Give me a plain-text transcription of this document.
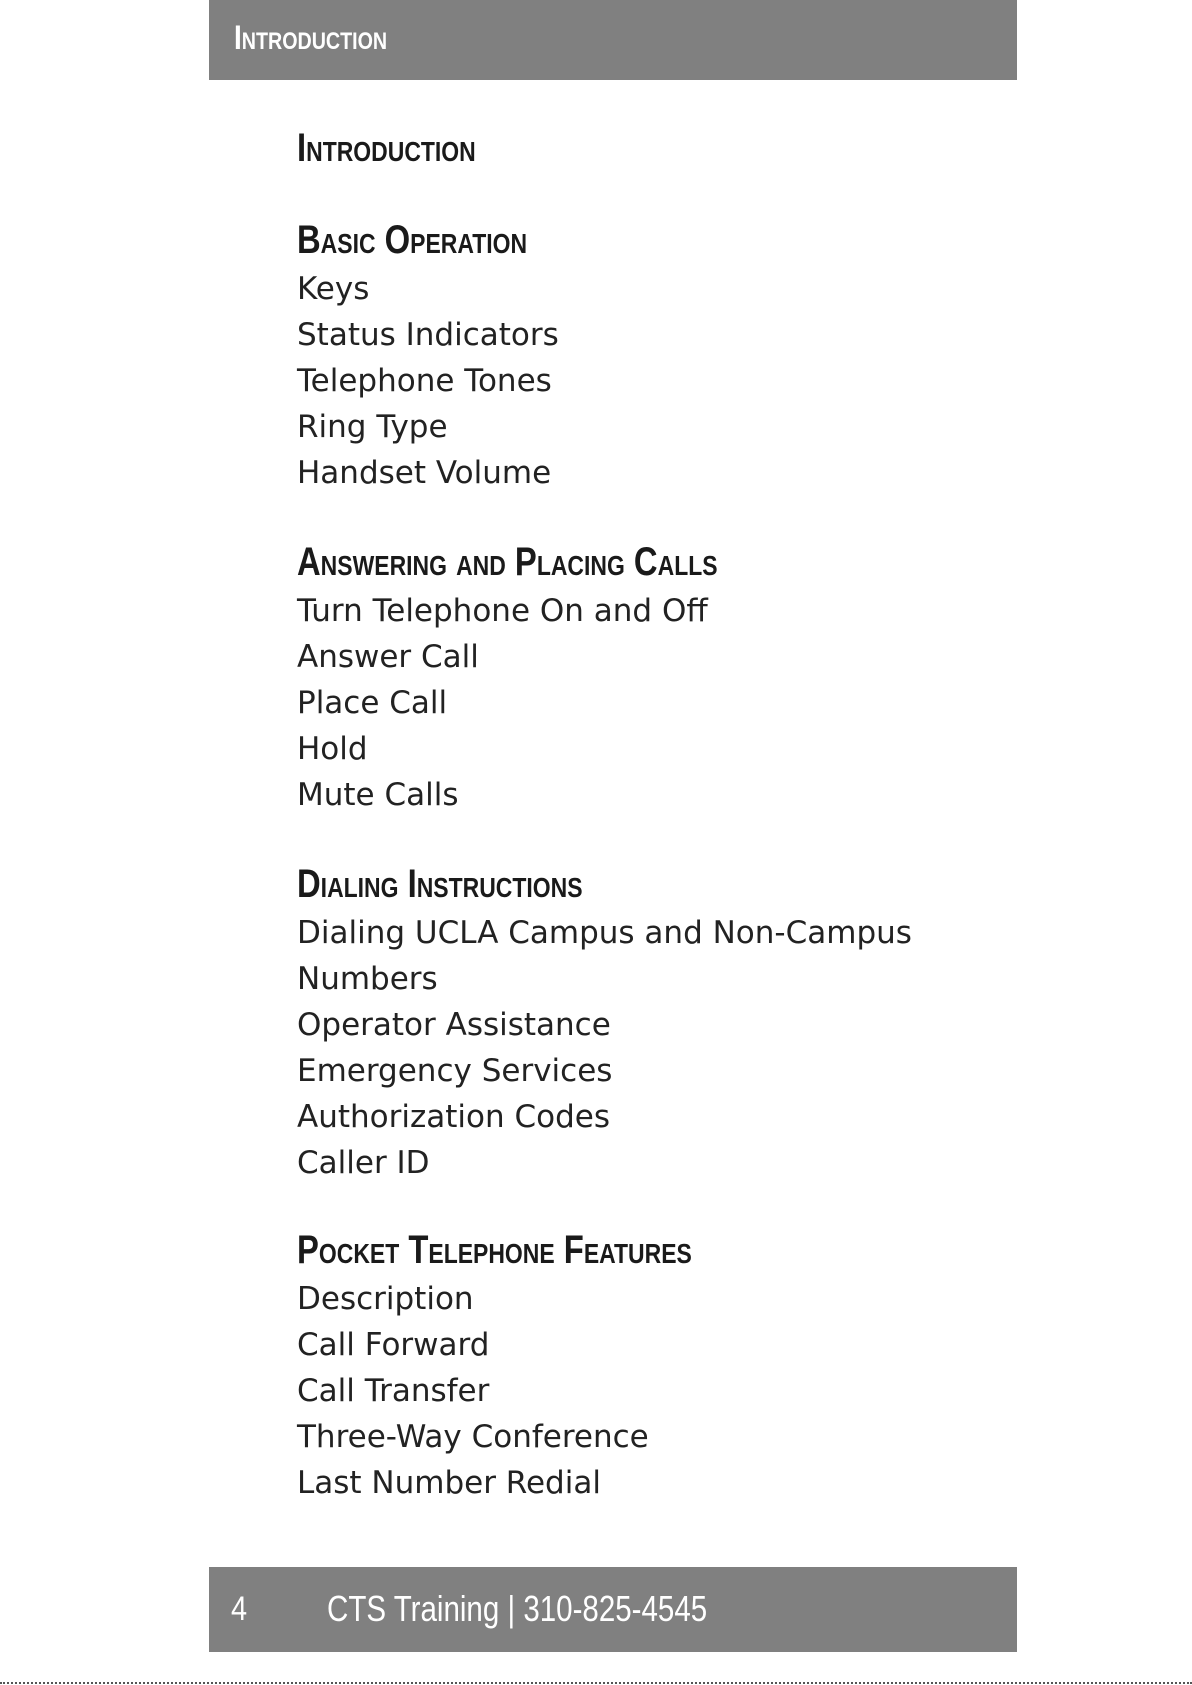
Introduction
Introduction
Basic Operation
Keys
Status Indicators
Telephone Tones
Ring Type
Handset Volume
Answering and Placing Calls
Turn Telephone On and Off
Answer Call
Place Call
Hold
Mute Calls
Dialing Instructions
Dialing UCLA Campus and Non-Campus
Numbers
Operator Assistance
Emergency Services
Authorization Codes
Caller ID
Pocket Telephone Features
Description
Call Forward
Call Transfer
Three-Way Conference
Last Number Redial
4 CTS Training | 310-825-4545
